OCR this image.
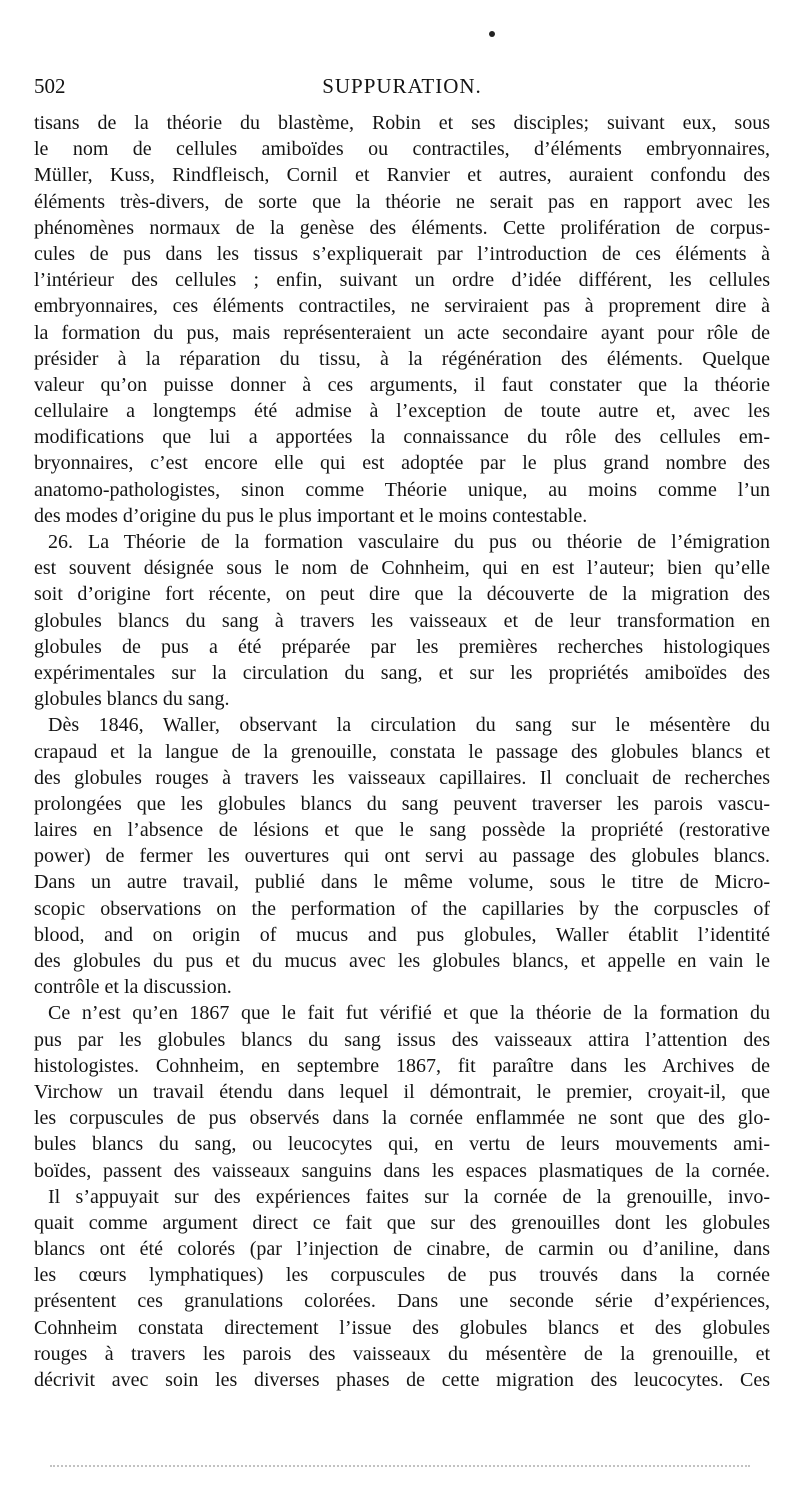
502	SUPPURATION.
tisans de la théorie du blastème, Robin et ses disciples; suivant eux, sous
le nom de cellules amiboïdes ou contractiles, d’éléments embryonnaires,
Müller, Kuss, Rindfleisch, Cornil et Ranvier et autres, auraient confondu des
éléments très-divers, de sorte que la théorie ne serait pas en rapport avec les
phénomènes normaux de la genèse des éléments. Cette prolifération de corpus-
cules de pus dans les tissus s’expliquerait par l’introduction de ces éléments à
l’intérieur des cellules ; enfin, suivant un ordre d’idée différent, les cellules
embryonnaires, ces éléments contractiles, ne serviraient pas à proprement dire à
la formation du pus, mais représenteraient un acte secondaire ayant pour rôle de
présider à la réparation du tissu, à la régénération des éléments. Quelque
valeur qu’on puisse donner à ces arguments, il faut constater que la théorie
cellulaire a longtemps été admise à l’exception de toute autre et, avec les
modifications que lui a apportées la connaissance du rôle des cellules em-
bryonnaires, c’est encore elle qui est adoptée par le plus grand nombre des
anatomo-pathologistes, sinon comme Théorie unique, au moins comme l’un
des modes d’origine du pus le plus important et le moins contestable.
26. La Théorie de la formation vasculaire du pus ou théorie de l’émigration
est souvent désignée sous le nom de Cohnheim, qui en est l’auteur; bien qu’elle
soit d’origine fort récente, on peut dire que la découverte de la migration des
globules blancs du sang à travers les vaisseaux et de leur transformation en
globules de pus a été préparée par les premières recherches histologiques
expérimentales sur la circulation du sang, et sur les propriétés amiboïdes des
globules blancs du sang.
Dès 1846, Waller, observant la circulation du sang sur le mésentère du
crapaud et la langue de la grenouille, constata le passage des globules blancs et
des globules rouges à travers les vaisseaux capillaires. Il concluait de recherches
prolongées que les globules blancs du sang peuvent traverser les parois vascu-
laires en l’absence de lésions et que le sang possède la propriété (restorative
power) de fermer les ouvertures qui ont servi au passage des globules blancs.
Dans un autre travail, publié dans le même volume, sous le titre de Micro-
scopic observations on the performation of the capillaries by the corpuscles of
blood, and on origin of mucus and pus globules, Waller établit l’identité
des globules du pus et du mucus avec les globules blancs, et appelle en vain le
contrôle et la discussion.
Ce n’est qu’en 1867 que le fait fut vérifié et que la théorie de la formation du
pus par les globules blancs du sang issus des vaisseaux attira l’attention des
histologistes. Cohnheim, en septembre 1867, fit paraître dans les Archives de
Virchow un travail étendu dans lequel il démontrait, le premier, croyait-il, que
les corpuscules de pus observés dans la cornée enflammée ne sont que des glo-
bules blancs du sang, ou leucocytes qui, en vertu de leurs mouvements ami-
boïdes, passent des vaisseaux sanguins dans les espaces plasmatiques de la cornée.
Il s’appuyait sur des expériences faites sur la cornée de la grenouille, invo-
quait comme argument direct ce fait que sur des grenouilles dont les globules
blancs ont été colorés (par l’injection de cinabre, de carmin ou d’aniline, dans
les cœurs lymphatiques) les corpuscules de pus trouvés dans la cornée
présentent ces granulations colorées. Dans une seconde série d’expériences,
Cohnheim constata directement l’issue des globules blancs et des globules
rouges à travers les parois des vaisseaux du mésentère de la grenouille, et
décrivit avec soin les diverses phases de cette migration des leucocytes. Ces
